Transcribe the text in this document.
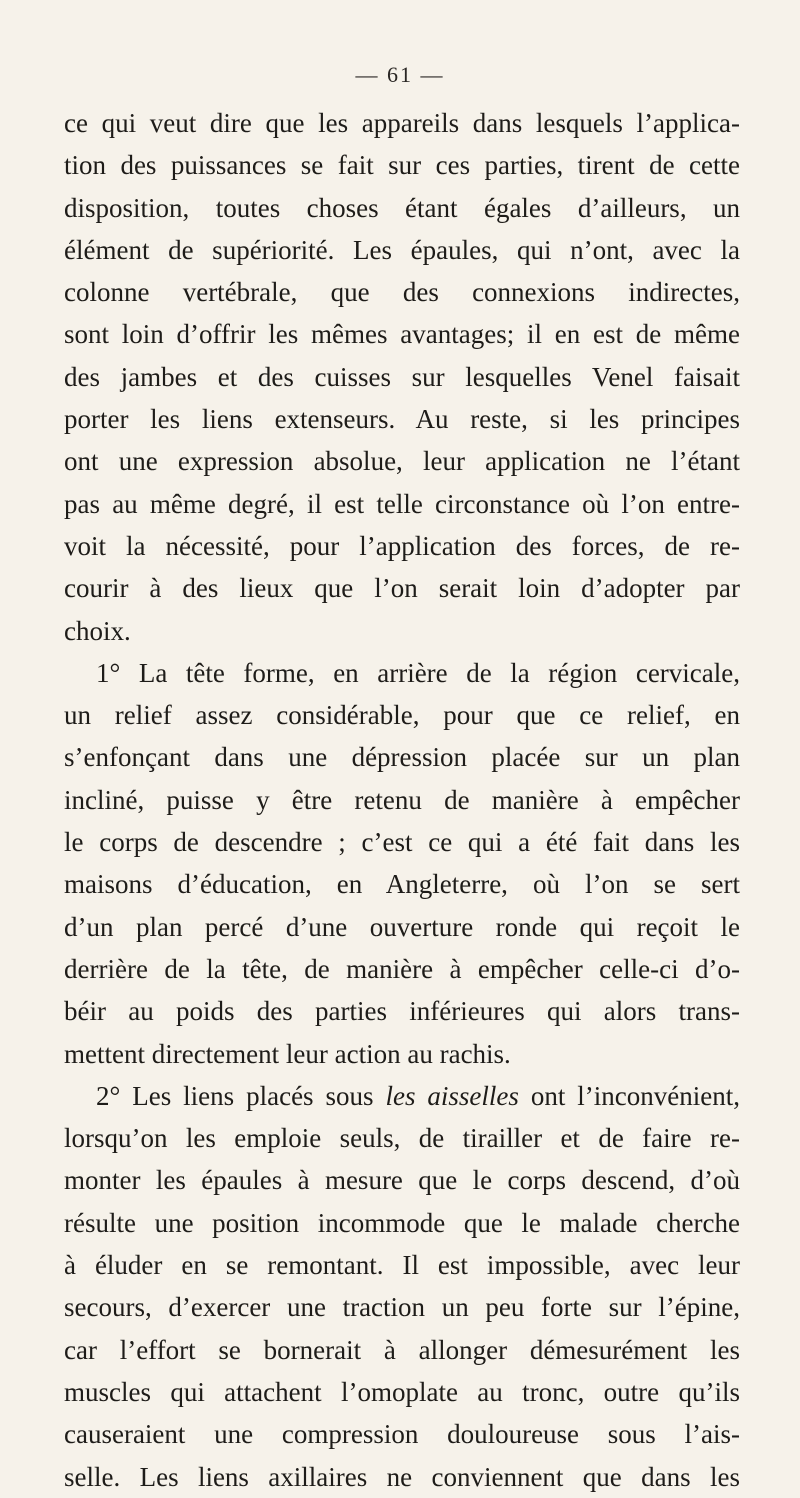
— 61 —
ce qui veut dire que les appareils dans lesquels l’applica-
tion des puissances se fait sur ces parties, tirent de cette
disposition, toutes choses étant égales d’ailleurs, un
élément de supériorité. Les épaules, qui n’ont, avec la
colonne vertébrale, que des connexions indirectes,
sont loin d’offrir les mêmes avantages; il en est de même
des jambes et des cuisses sur lesquelles Venel faisait
porter les liens extenseurs. Au reste, si les principes
ont une expression absolue, leur application ne l’étant
pas au même degré, il est telle circonstance où l’on entre-
voit la nécessité, pour l’application des forces, de re-
courir à des lieux que l’on serait loin d’adopter par
choix.
1° La tête forme, en arrière de la région cervicale,
un relief assez considérable, pour que ce relief, en
s’enfonçant dans une dépression placée sur un plan
incliné, puisse y être retenu de manière à empêcher
le corps de descendre ; c’est ce qui a été fait dans les
maisons d’éducation, en Angleterre, où l’on se sert
d’un plan percé d’une ouverture ronde qui reçoit le
derrière de la tête, de manière à empêcher celle-ci d’o-
béir au poids des parties inférieures qui alors trans-
mettent directement leur action au rachis.
2° Les liens placés sous les aisselles ont l’inconvénient,
lorsqu’on les emploie seuls, de tirailler et de faire re-
monter les épaules à mesure que le corps descend, d’où
résulte une position incommode que le malade cherche
à éluder en se remontant. Il est impossible, avec leur
secours, d’exercer une traction un peu forte sur l’épine,
car l’effort se bornerait à allonger démesurément les
muscles qui attachent l’omoplate au tronc, outre qu’ils
causeraient une compression douloureuse sous l’ais-
selle. Les liens axillaires ne conviennent que dans les
